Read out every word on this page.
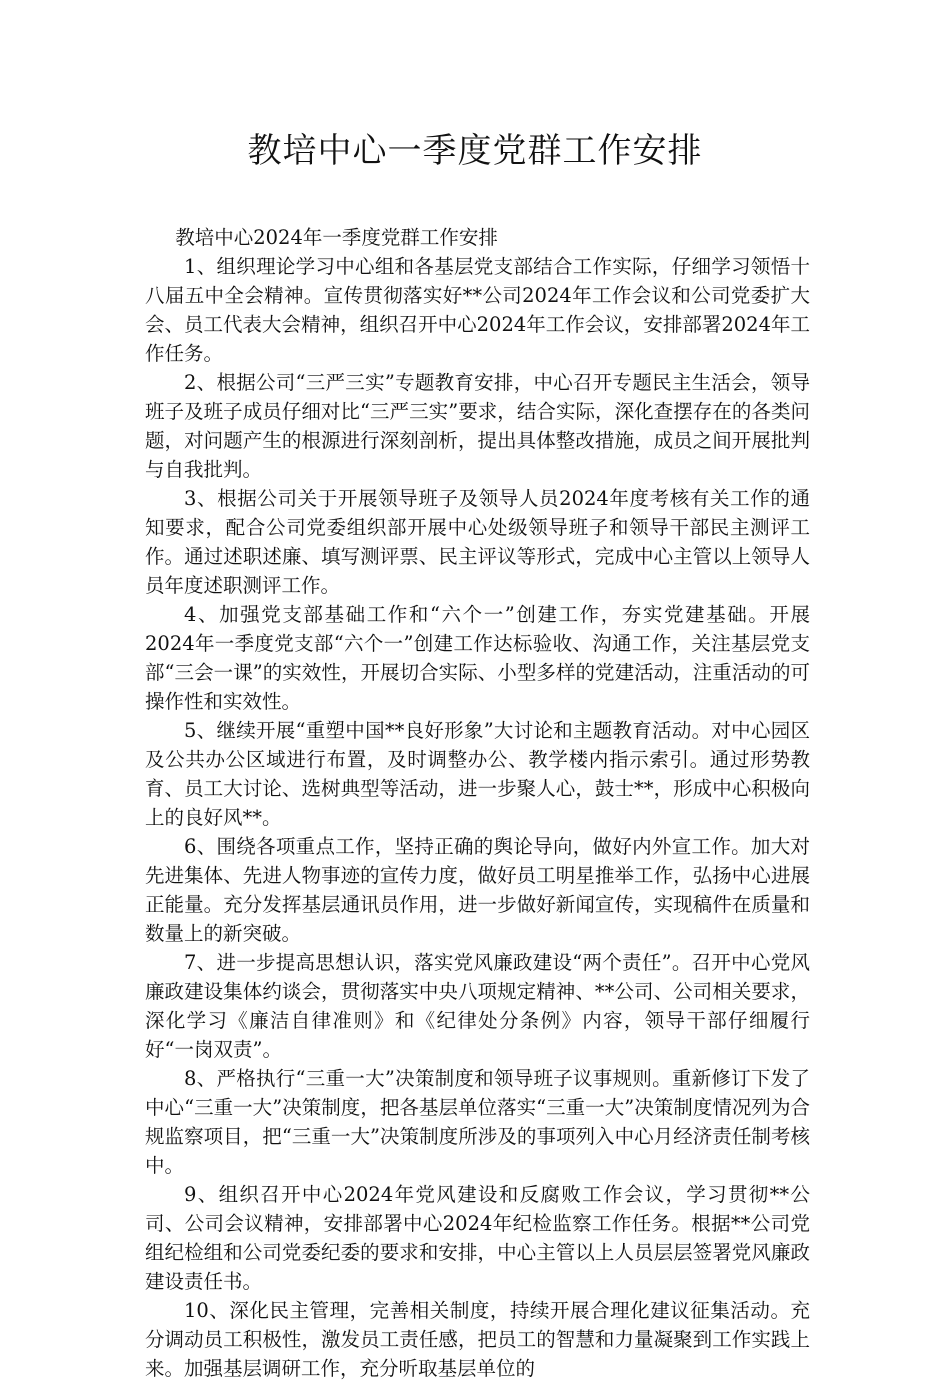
教培中心一季度党群工作安排

教培中心2024年一季度党群工作安排

1、组织理论学习中心组和各基层党支部结合工作实际，仔细学习领悟十八届五中全会精神。宣传贯彻落实好**公司2024年工作会议和公司党委扩大会、员工代表大会精神，组织召开中心2024年工作会议，安排部署2024年工作任务。

2、根据公司“三严三实”专题教育安排，中心召开专题民主生活会，领导班子及班子成员仔细对比“三严三实”要求，结合实际，深化查摆存在的各类问题，对问题产生的根源进行深刻剖析，提出具体整改措施，成员之间开展批判与自我批判。

3、根据公司关于开展领导班子及领导人员2024年度考核有关工作的通知要求，配合公司党委组织部开展中心处级领导班子和领导干部民主测评工作。通过述职述廉、填写测评票、民主评议等形式，完成中心主管以上领导人员年度述职测评工作。

4、加强党支部基础工作和“六个一”创建工作，夯实党建基础。开展2024年一季度党支部“六个一”创建工作达标验收、沟通工作，关注基层党支部“三会一课”的实效性，开展切合实际、小型多样的党建活动，注重活动的可操作性和实效性。

5、继续开展“重塑中国**良好形象”大讨论和主题教育活动。对中心园区及公共办公区域进行布置，及时调整办公、教学楼内指示索引。通过形势教育、员工大讨论、选树典型等活动，进一步聚人心，鼓士**，形成中心积极向上的良好风**。

6、围绕各项重点工作，坚持正确的舆论导向，做好内外宣工作。加大对先进集体、先进人物事迹的宣传力度，做好员工明星推举工作，弘扬中心进展正能量。充分发挥基层通讯员作用，进一步做好新闻宣传，实现稿件在质量和数量上的新突破。

7、进一步提高思想认识，落实党风廉政建设“两个责任”。召开中心党风廉政建设集体约谈会，贯彻落实中央八项规定精神、**公司、公司相关要求，深化学习《廉洁自律准则》和《纪律处分条例》内容，领导干部仔细履行好“一岗双责”。

8、严格执行“三重一大”决策制度和领导班子议事规则。重新修订下发了中心“三重一大”决策制度，把各基层单位落实“三重一大”决策制度情况列为合规监察项目，把“三重一大”决策制度所涉及的事项列入中心月经济责任制考核中。

9、组织召开中心2024年党风建设和反腐败工作会议，学习贯彻**公司、公司会议精神，安排部署中心2024年纪检监察工作任务。根据**公司党组纪检组和公司党委纪委的要求和安排，中心主管以上人员层层签署党风廉政建设责任书。

10、深化民主管理，完善相关制度，持续开展合理化建议征集活动。充分调动员工积极性，激发员工责任感，把员工的智慧和力量凝聚到工作实践上来。加强基层调研工作，充分听取基层单位的
